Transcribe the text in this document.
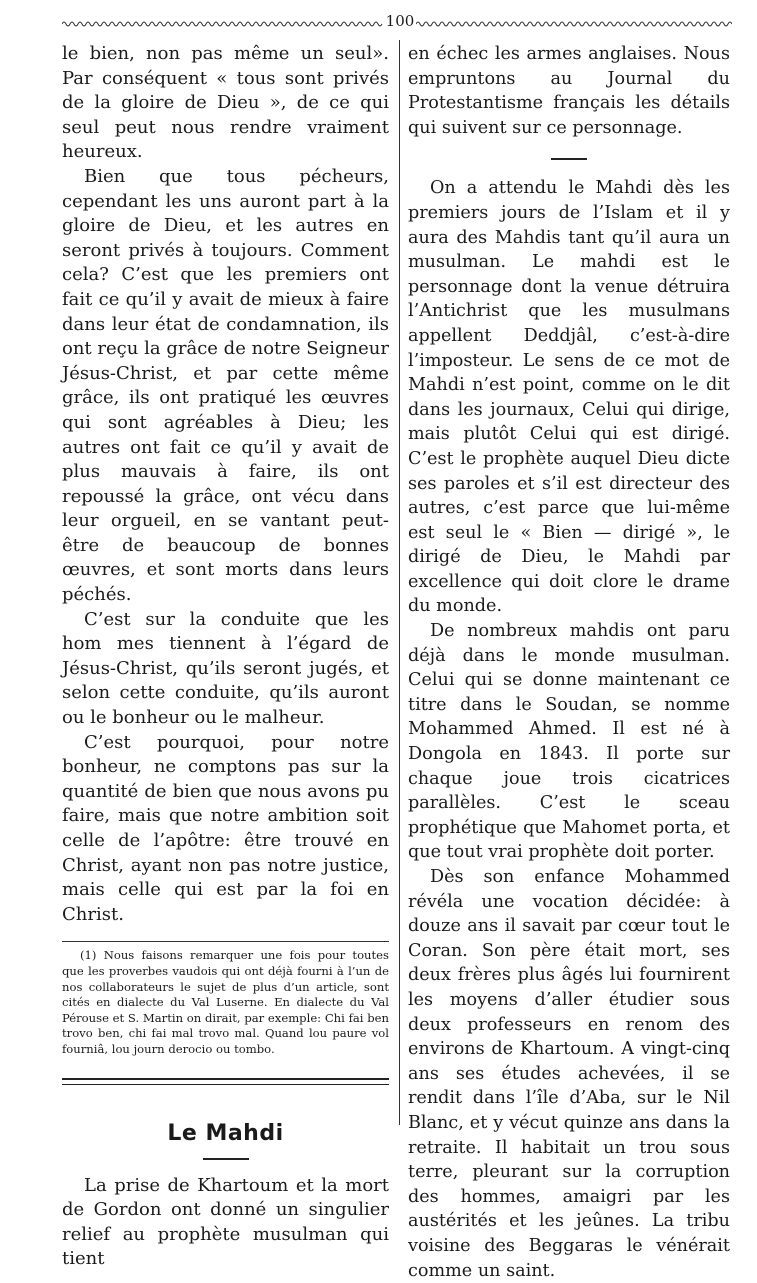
100

le bien, non pas même un seul». Par conséquent « tous sont privés de la gloire de Dieu », de ce qui seul peut nous rendre vraiment heureux.

Bien que tous pécheurs, cependant les uns auront part à la gloire de Dieu, et les autres en seront privés à toujours. Comment cela? C’est que les premiers ont fait ce qu’il y avait de mieux à faire dans leur état de condamnation, ils ont reçu la grâce de notre Seigneur Jésus-Christ, et par cette même grâce, ils ont pratiqué les œuvres qui sont agréables à Dieu; les autres ont fait ce qu’il y avait de plus mauvais à faire, ils ont repoussé la grâce, ont vécu dans leur orgueil, en se vantant peut-être de beaucoup de bonnes œuvres, et sont morts dans leurs péchés.

C’est sur la conduite que les hom mes tiennent à l’égard de Jésus-Christ, qu’ils seront jugés, et selon cette conduite, qu’ils auront ou le bonheur ou le malheur.

C’est pourquoi, pour notre bonheur, ne comptons pas sur la quantité de bien que nous avons pu faire, mais que notre ambition soit celle de l’apôtre: être trouvé en Christ, ayant non pas notre justice, mais celle qui est par la foi en Christ.

(1) Nous faisons remarquer une fois pour toutes que les proverbes vaudois qui ont déjà fourni à l’un de nos collaborateurs le sujet de plus d’un article, sont cités en dialecte du Val Luserne. En dialecte du Val Pérouse et S. Martin on dirait, par exemple: Chi fai ben trovo ben, chi fai mal trovo mal. Quand lou paure vol fourniâ, lou journ derocio ou tombo.

Le Mahdi

La prise de Khartoum et la mort de Gordon ont donné un singulier relief au prophète musulman qui tient

en échec les armes anglaises. Nous empruntons au Journal du Protestantisme français les détails qui suivent sur ce personnage.

On a attendu le Mahdi dès les premiers jours de l’Islam et il y aura des Mahdis tant qu’il aura un musulman. Le mahdi est le personnage dont la venue détruira l’Antichrist que les musulmans appellent Deddjâl, c’est-à-dire l’imposteur. Le sens de ce mot de Mahdi n’est point, comme on le dit dans les journaux, Celui qui dirige, mais plutôt Celui qui est dirigé. C’est le prophète auquel Dieu dicte ses paroles et s’il est directeur des autres, c’est parce que lui-même est seul le « Bien — dirigé », le dirigé de Dieu, le Mahdi par excellence qui doit clore le drame du monde.

De nombreux mahdis ont paru déjà dans le monde musulman. Celui qui se donne maintenant ce titre dans le Soudan, se nomme Mohammed Ahmed. Il est né à Dongola en 1843. Il porte sur chaque joue trois cicatrices parallèles. C’est le sceau prophétique que Mahomet porta, et que tout vrai prophète doit porter.

Dès son enfance Mohammed révéla une vocation décidée: à douze ans il savait par cœur tout le Coran. Son père était mort, ses deux frères plus âgés lui fournirent les moyens d’aller étudier sous deux professeurs en renom des environs de Khartoum. A vingt-cinq ans ses études achevées, il se rendit dans l’île d’Aba, sur le Nil Blanc, et y vécut quinze ans dans la retraite. Il habitait un trou sous terre, pleurant sur la corruption des hommes, amaigri par les austérités et les jeûnes. La tribu voisine des Beggaras le vénérait comme un saint.
